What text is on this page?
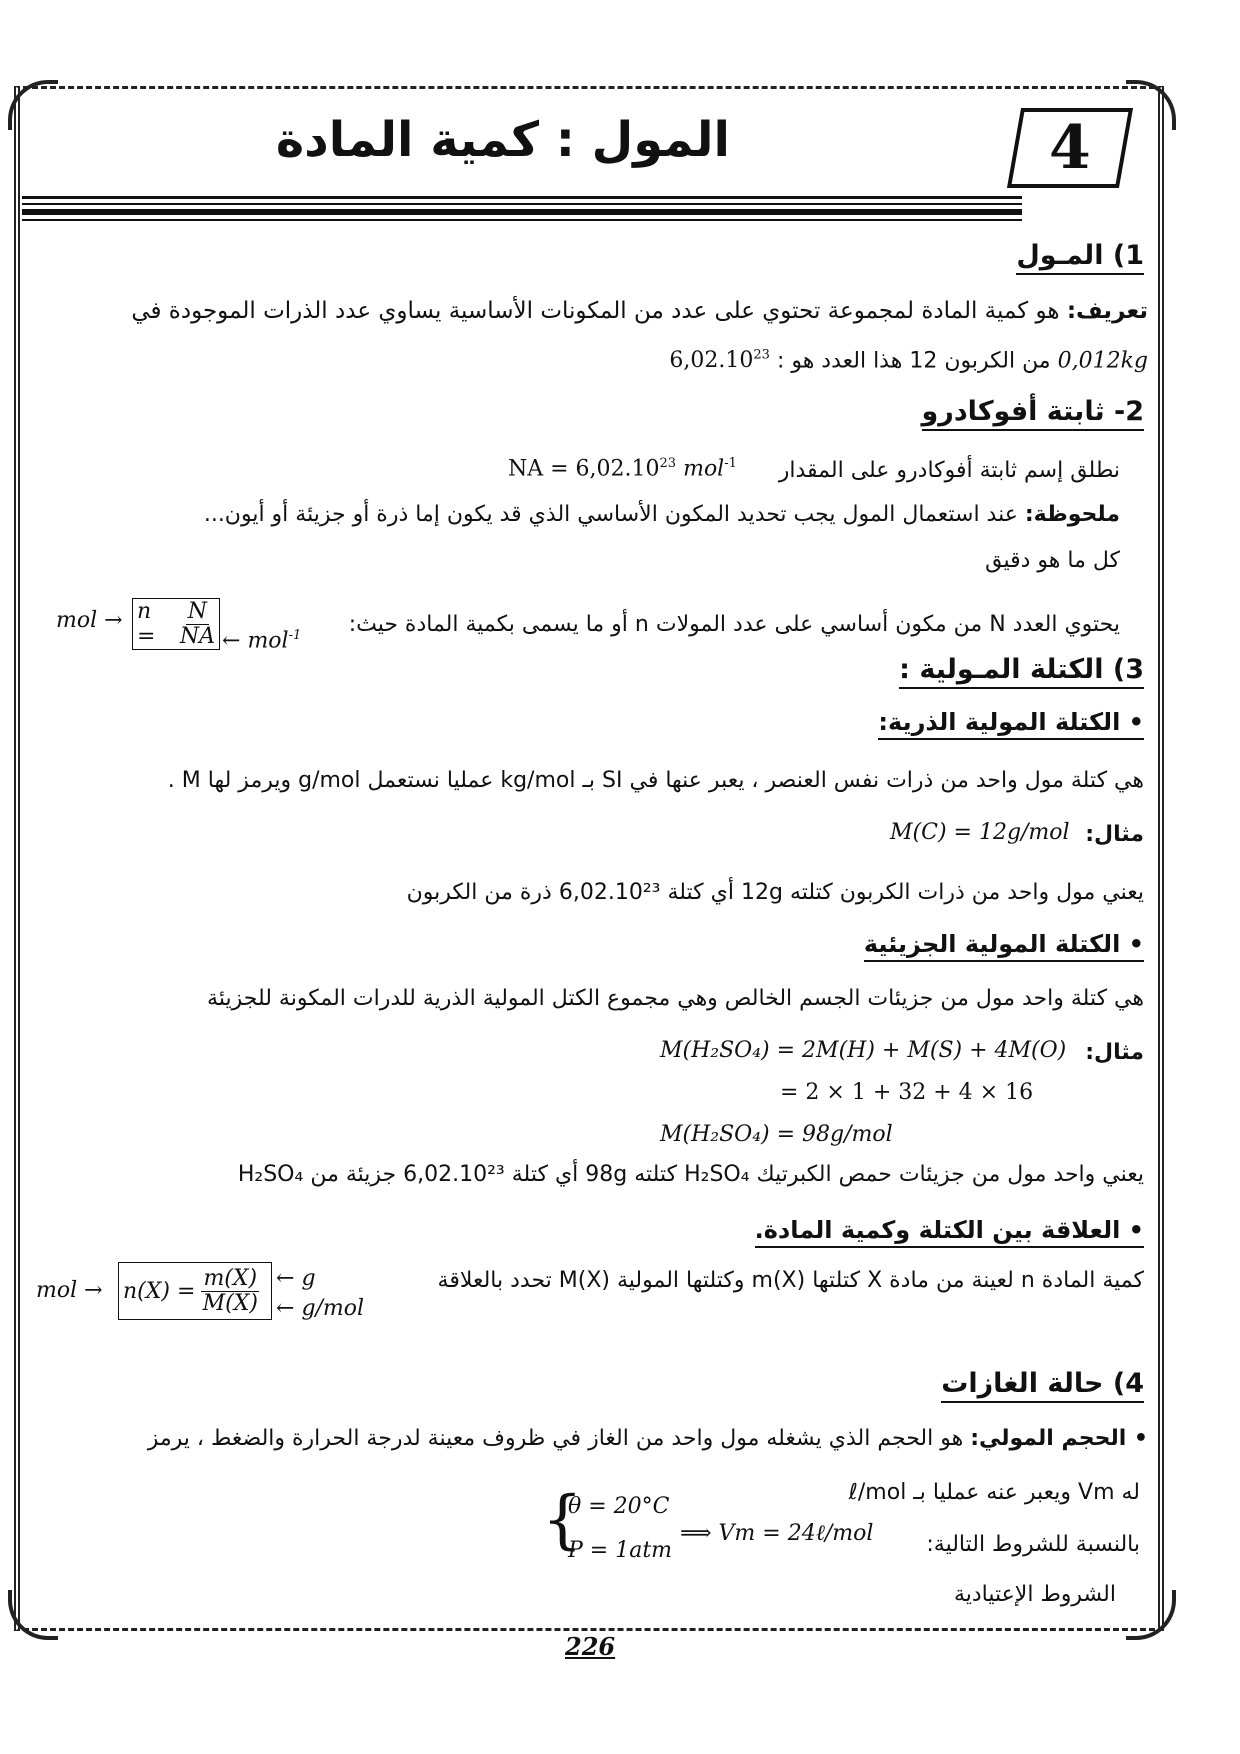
4
المول : كمية المادة
1) المـول
تعريف: هو كمية المادة لمجموعة تحتوي على عدد من المكونات الأساسية يساوي عدد الذرات الموجودة في
0,012kg من الكربون 12 هذا العدد هو : 6,02.10$^{23}$
2- ثابتة أفوكادرو
نطلق إسم ثابتة أفوكادرو على المقدار
NA = $6,02.10^{23}$ mol$^{-1}$
ملحوظة: عند استعمال المول يجب تحديد المكون الأساسي الذي قد يكون إما ذرة أو جزيئة أو أيون...
كل ما هو دقيق
يحتوي العدد N من مكون أساسي على عدد المولات n أو ما يسمى بكمية المادة حيث:
mol → n =	$\frac{N}{NA}$ ← mol$^{-1}$
3) الكتلة المـولية :
• الكتلة المولية الذرية:
هي كتلة مول واحد من ذرات نفس العنصر ، يعبر عنها في SI بـ kg/mol عمليا نستعمل g/mol ويرمز لها M .
مثال:
M(C) = 12g/mol
يعني مول واحد من ذرات الكربون كتلته 12g أي كتلة 6,02.10²³ ذرة من الكربون
• الكتلة المولية الجزيئية
هي كتلة واحد مول من جزيئات الجسم الخالص وهي مجموع الكتل المولية الذرية للدرات المكونة للجزيئة
مثال:
M(H₂SO₄) = 2M(H) + M(S) + 4M(O)
= 2 × 1 + 32 + 4 × 16
M(H₂SO₄) = 98g/mol
يعني واحد مول من جزيئات حمص الكبرتيك H₂SO₄ كتلته 98g أي كتلة 6,02.10²³ جزيئة من H₂SO₄
• العلاقة بين الكتلة وكمية المادة.
كمية المادة n لعينة من مادة X كتلتها m(X) وكتلتها المولية M(X) تحدد بالعلاقة
mol → $n(X) = \frac{m(X)}{M(X)}$ ← g
← g/mol
4) حالة الغازات
• الحجم المولي: هو الحجم الذي يشغله مول واحد من الغاز في ظروف معينة لدرجة الحرارة والضغط ، يرمز
له Vm ويعبر عنه عمليا بـ ℓ/mol
بالنسبة للشروط التالية:
الشروط الإعتيادية
{
θ = 20°C
P = 1atm
⟹ Vm = 24ℓ/mol
226
